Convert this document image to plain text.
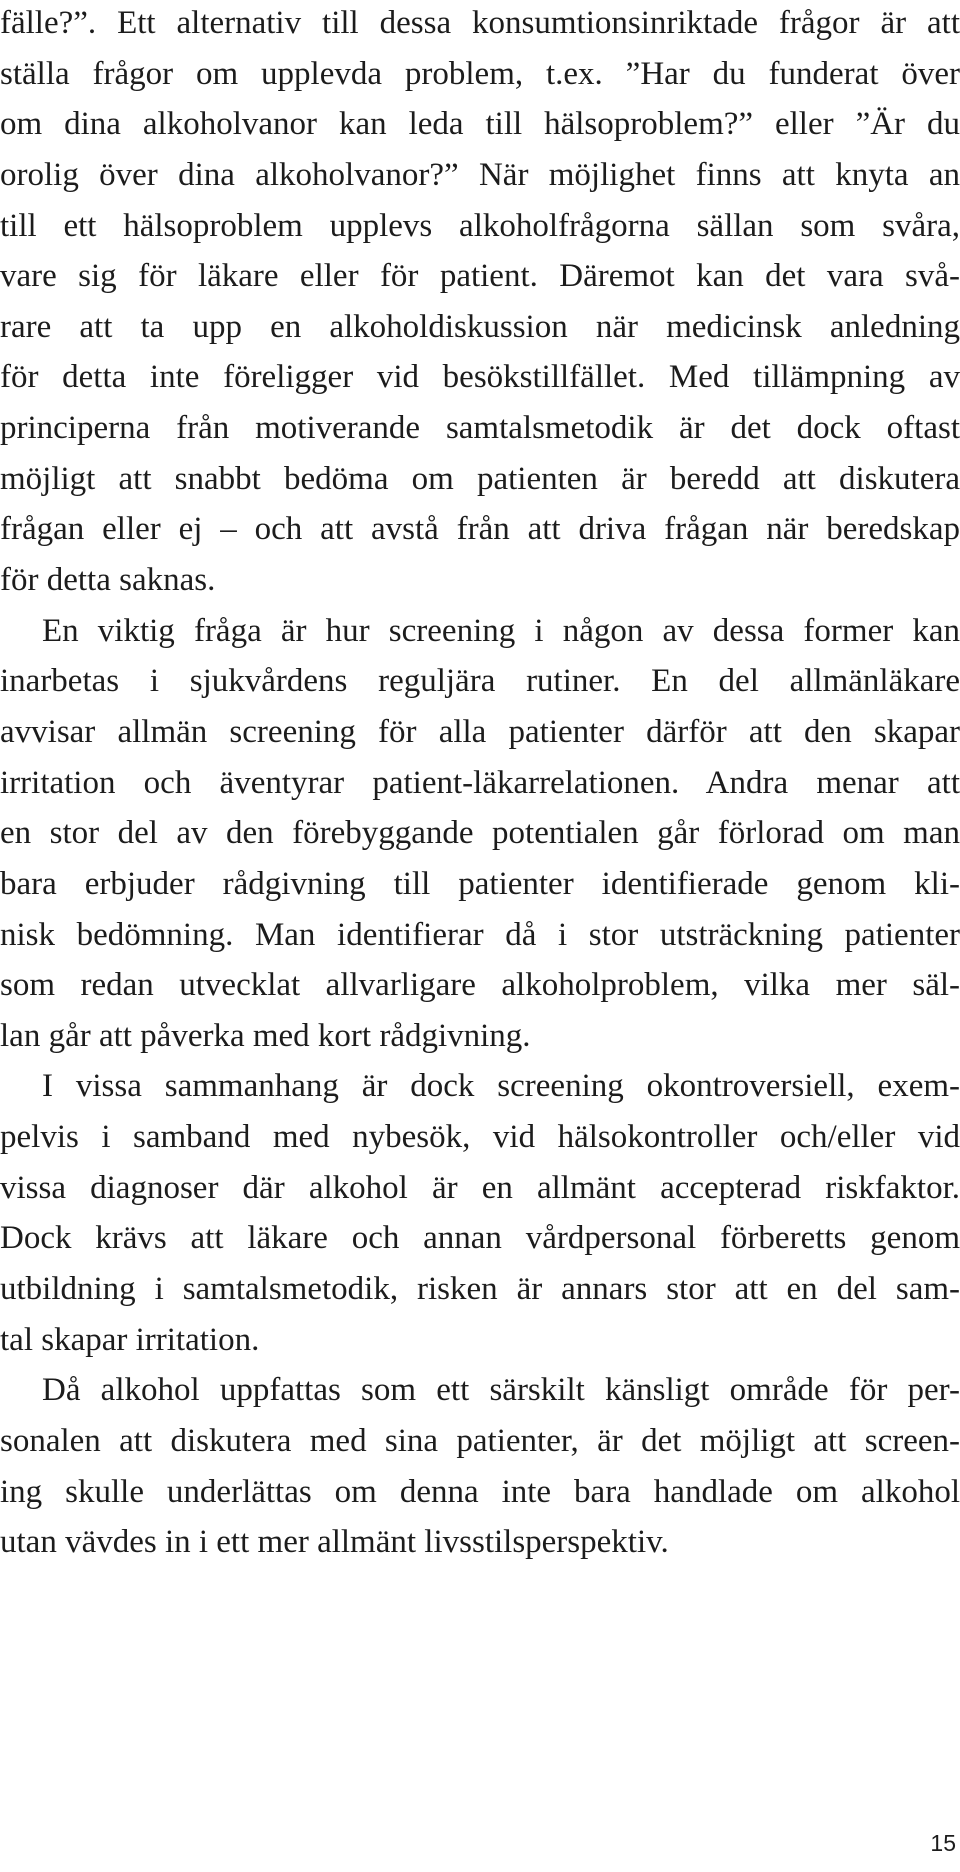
fälle?”. Ett alternativ till dessa konsumtionsinriktade frågor är att
ställa frågor om upplevda problem, t.ex. ”Har du funderat över
om dina alkoholvanor kan leda till hälsoproblem?” eller ”Är du
orolig över dina alkoholvanor?” När möjlighet finns att knyta an
till ett hälsoproblem upplevs alkoholfrågorna sällan som svåra,
vare sig för läkare eller för patient. Däremot kan det vara svå-
rare att ta upp en alkoholdiskussion när medicinsk anledning
för detta inte föreligger vid besökstillfället. Med tillämpning av
principerna från motiverande samtalsmetodik är det dock oftast
möjligt att snabbt bedöma om patienten är beredd att diskutera
frågan eller ej – och att avstå från att driva frågan när beredskap
för detta saknas.
En viktig fråga är hur screening i någon av dessa former kan
inarbetas i sjukvårdens reguljära rutiner. En del allmänläkare
avvisar allmän screening för alla patienter därför att den skapar
irritation och äventyrar patient-läkarrelationen. Andra menar att
en stor del av den förebyggande potentialen går förlorad om man
bara erbjuder rådgivning till patienter identifierade genom kli-
nisk bedömning. Man identifierar då i stor utsträckning patienter
som redan utvecklat allvarligare alkoholproblem, vilka mer säl-
lan går att påverka med kort rådgivning.
I vissa sammanhang är dock screening okontroversiell, exem-
pelvis i samband med nybesök, vid hälsokontroller och/eller vid
vissa diagnoser där alkohol är en allmänt accepterad riskfaktor.
Dock krävs att läkare och annan vårdpersonal förberetts genom
utbildning i samtalsmetodik, risken är annars stor att en del sam-
tal skapar irritation.
Då alkohol uppfattas som ett särskilt känsligt område för per-
sonalen att diskutera med sina patienter, är det möjligt att screen-
ing skulle underlättas om denna inte bara handlade om alkohol
utan vävdes in i ett mer allmänt livsstilsperspektiv.
15
